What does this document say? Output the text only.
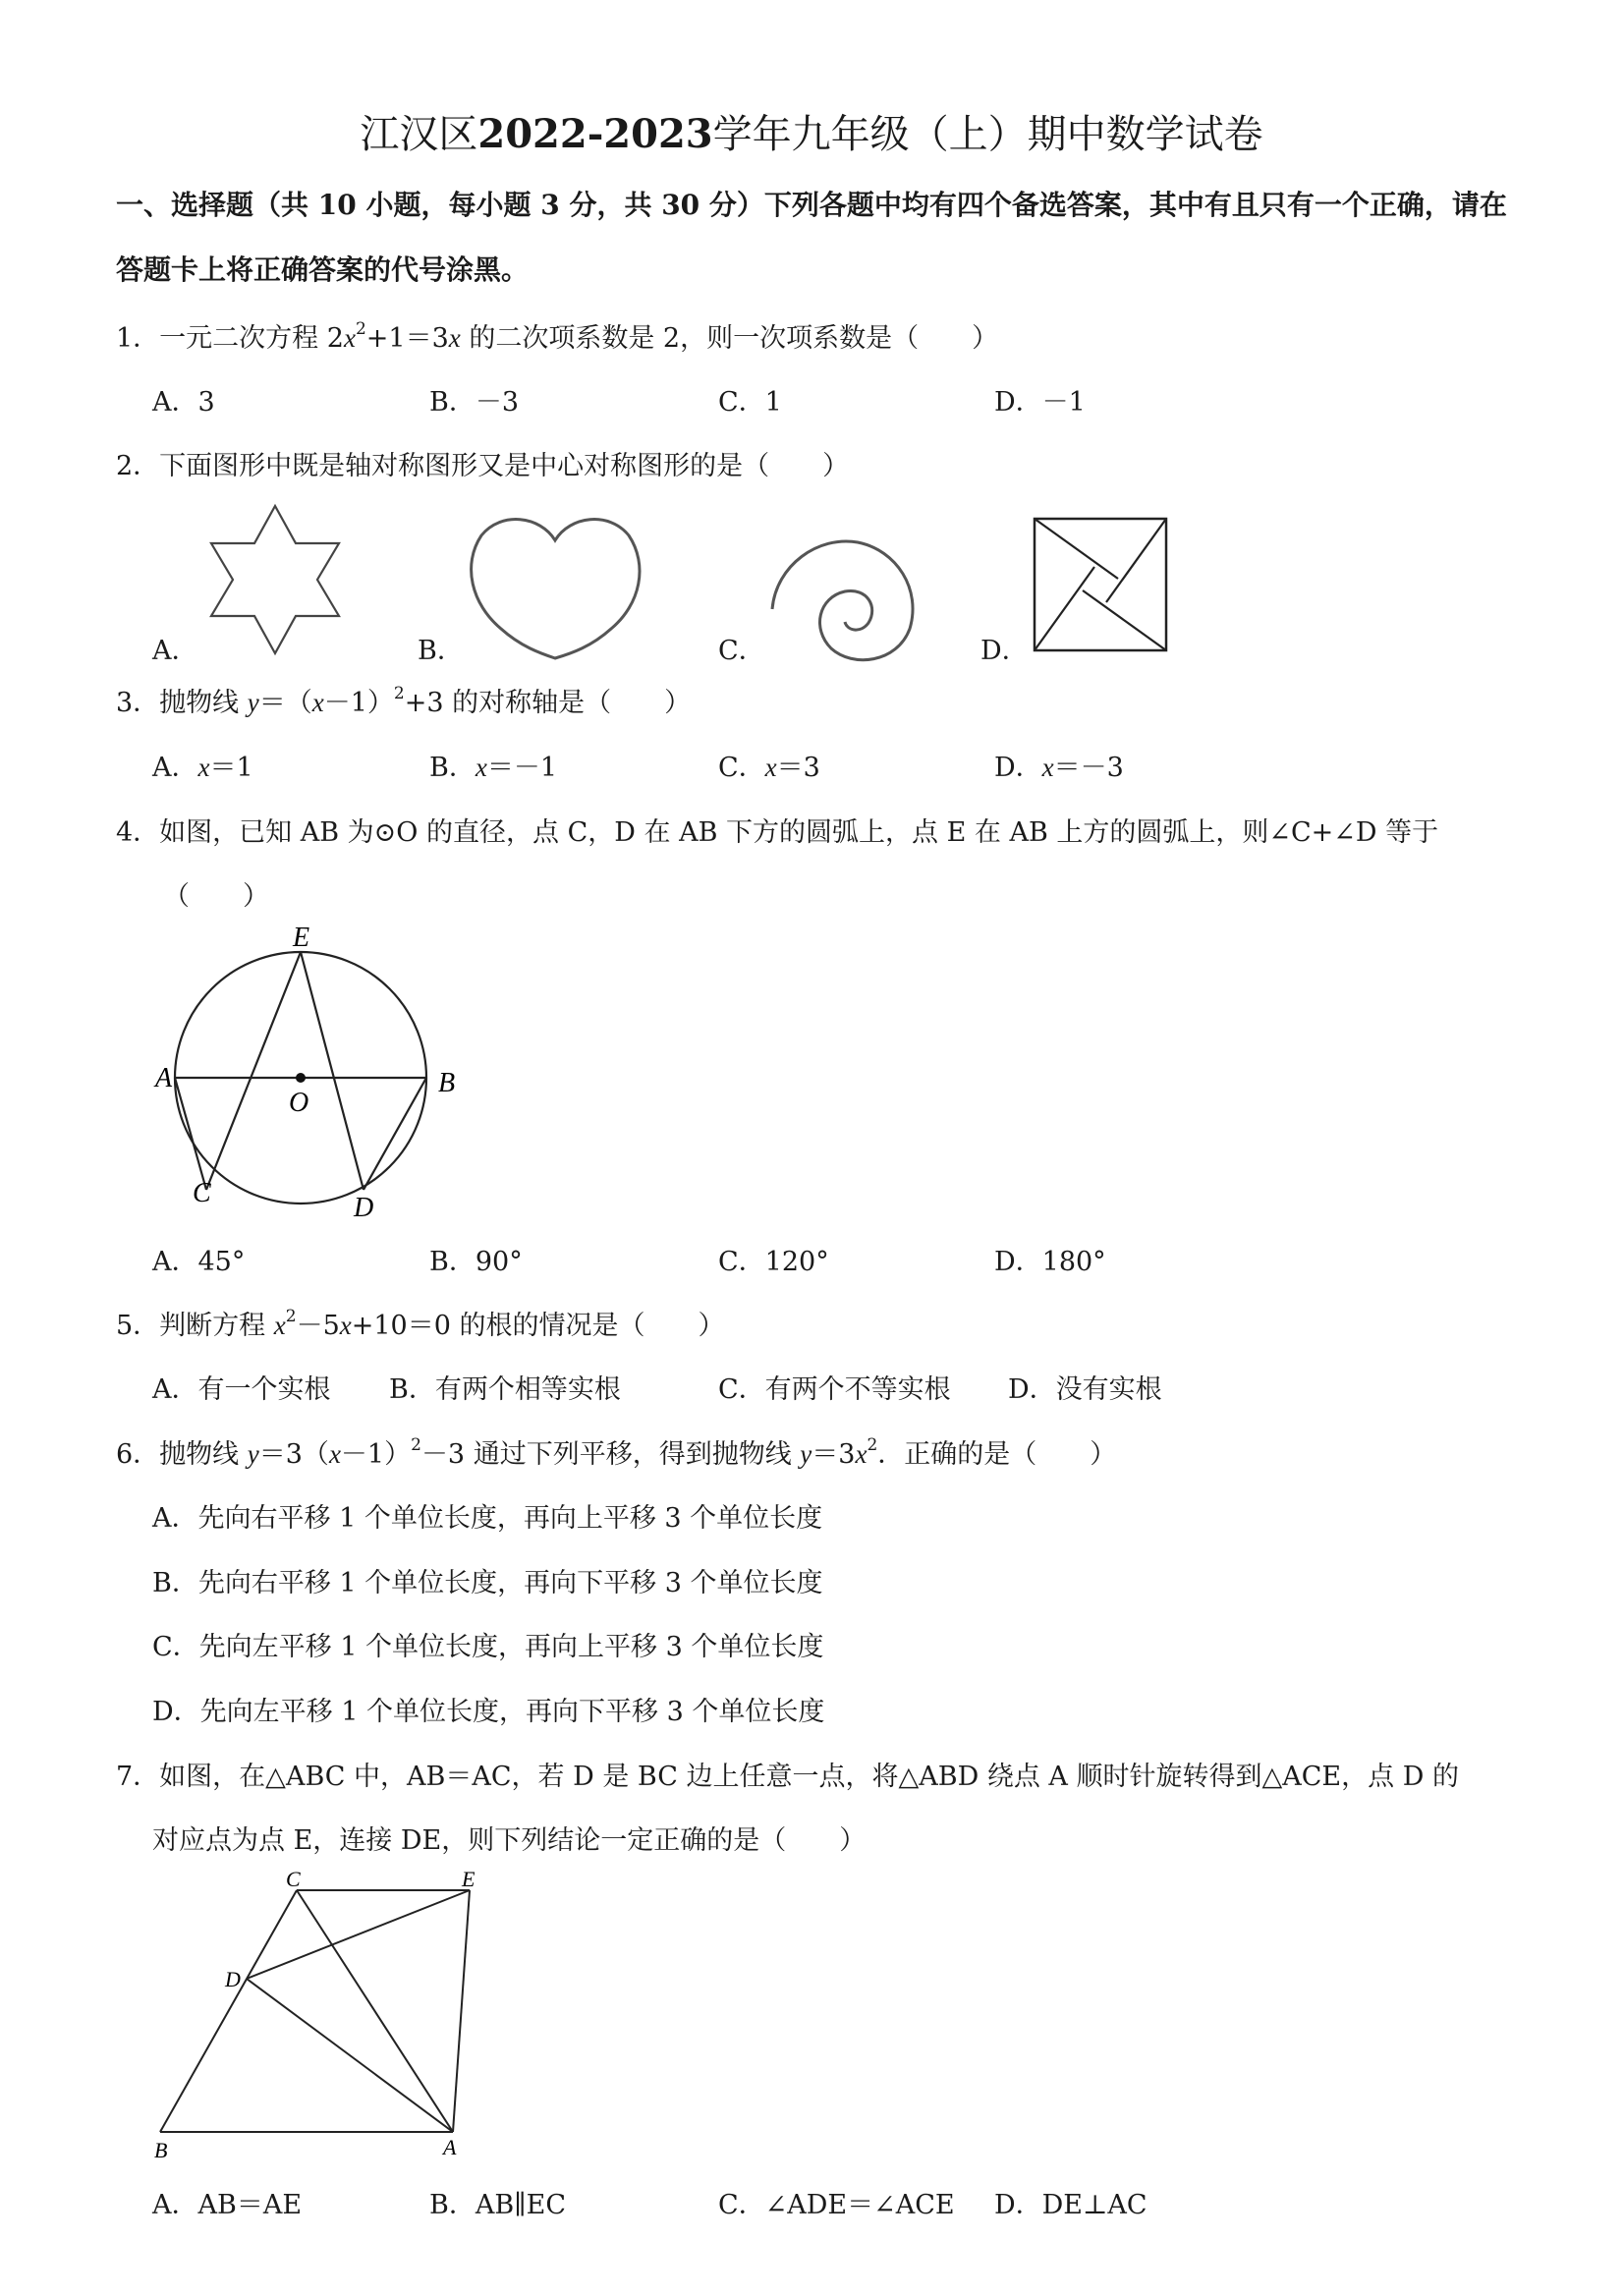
江汉区2022-2023学年九年级（上）期中数学试卷
一、选择题（共 10 小题，每小题 3 分，共 30 分）下列各题中均有四个备选答案，其中有且只有一个正确，请在答题卡上将正确答案的代号涂黑。
1．一元二次方程 $2x^2+1=3x$ 的二次项系数是 2，则一次项系数是（　　）
A．3	B．－3	C．1	D．－1
2．下面图形中既是轴对称图形又是中心对称图形的是（　　）
A．	B．	C．	D．
3．抛物线 $y=(x-1)^2+3$ 的对称轴是（　　）
A．x＝1	B．x＝－1	C．x＝3	D．x＝－3
4．如图，已知 AB 为⊙O 的直径，点 C，D 在 AB 下方的圆弧上，点 E 在 AB 上方的圆弧上，则∠C+∠D 等于
（　　）
E
A
O
B
C	D
A．45°	B．90°	C．120°	D．180°
5．判断方程 $x^2-5x+10=0$ 的根的情况是（　　）
A．有一个实根 B．有两个相等实根	C．有两个不等实根 D．没有实根
6．抛物线 $y=3(x-1)^2-3$ 通过下列平移，得到抛物线 $y=3x^2$．正确的是（　　）
A．先向右平移 1 个单位长度，再向上平移 3 个单位长度
B．先向右平移 1 个单位长度，再向下平移 3 个单位长度
C．先向左平移 1 个单位长度，再向上平移 3 个单位长度
D．先向左平移 1 个单位长度，再向下平移 3 个单位长度
7．如图，在△ABC 中，AB＝AC，若 D 是 BC 边上任意一点，将△ABD 绕点 A 顺时针旋转得到△ACE，点 D 的
对应点为点 E，连接 DE，则下列结论一定正确的是（　　）
C	E
D
B	A
A．AB＝AE	B．AB∥EC	C．∠ADE＝∠ACE D．DE⊥AC
